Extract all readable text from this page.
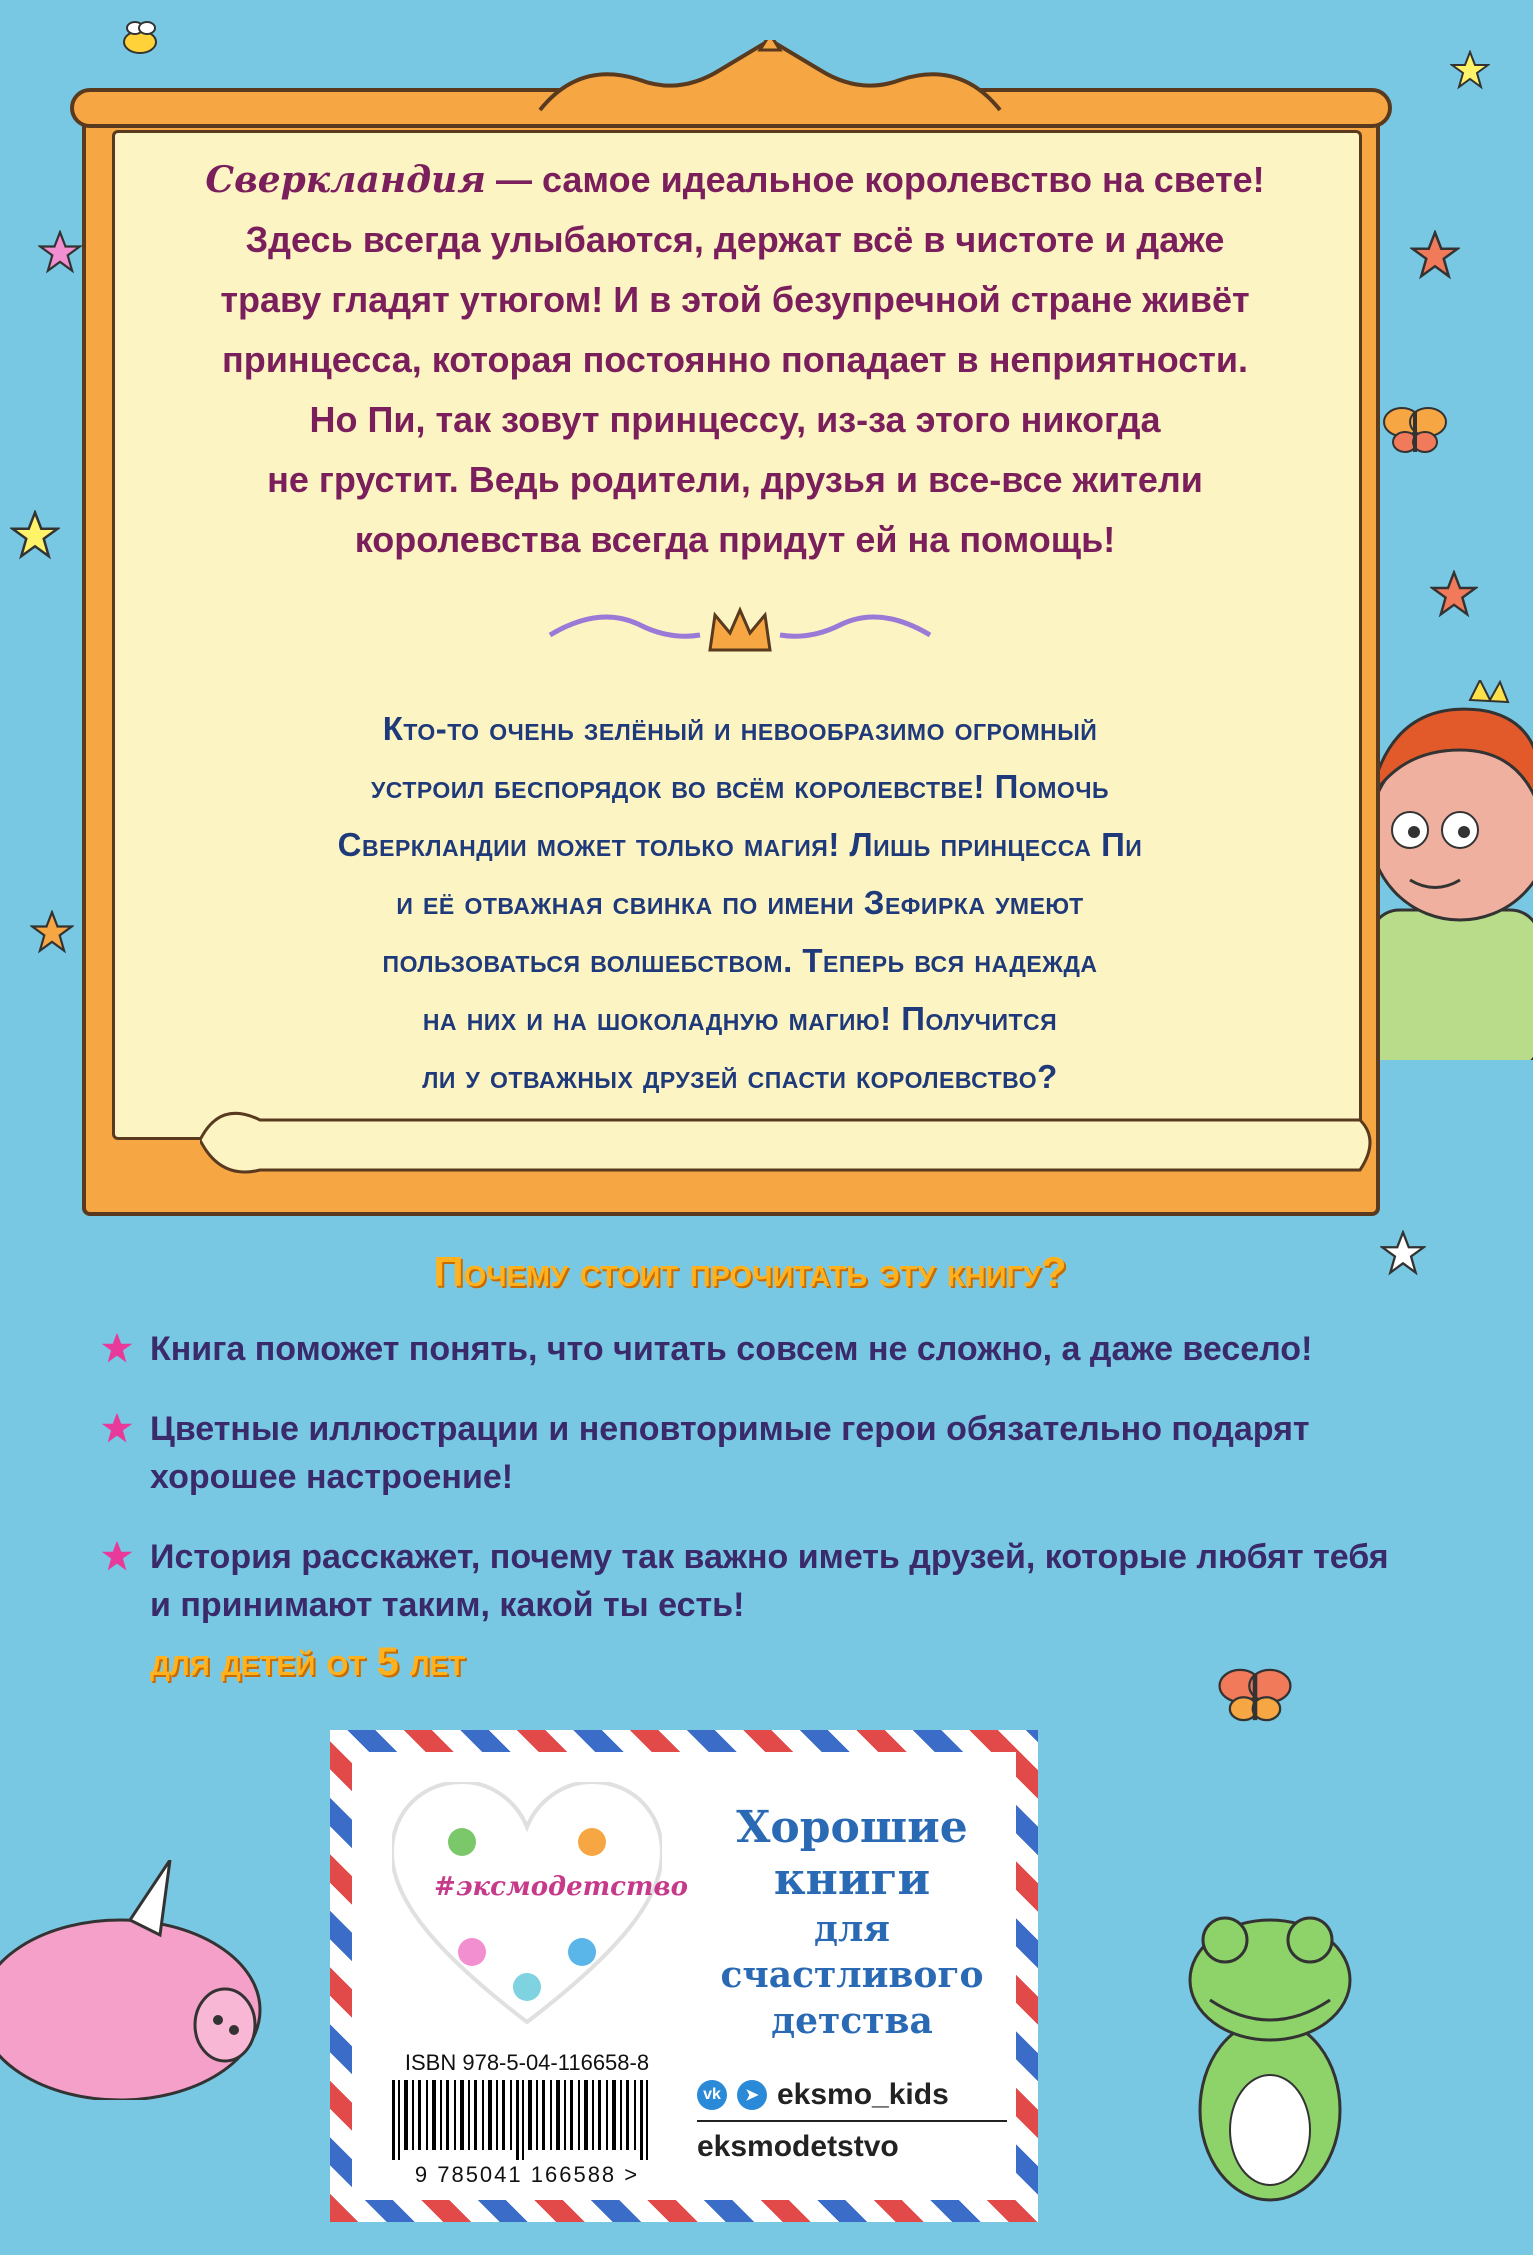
Сверкландия — самое идеальное королевство на свете!
Здесь всегда улыбаются, держат всё в чистоте и даже
траву гладят утюгом! И в этой безупречной стране живёт
принцесса, которая постоянно попадает в неприятности.
Но Пи, так зовут принцессу, из-за этого никогда
не грустит. Ведь родители, друзья и все-все жители
королевства всегда придут ей на помощь!
Кто-то очень зелёный и невообразимо огромный
устроил беспорядок во всём королевстве! Помочь
Сверкландии может только магия! Лишь принцесса Пи
и её отважная свинка по имени Зефирка умеют
пользоваться волшебством. Теперь вся надежда
на них и на шоколадную магию! Получится
ли у отважных друзей спасти королевство?
Почему стоит прочитать эту книгу?
Книга поможет понять, что читать совсем не сложно, а даже весело!
Цветные иллюстрации и неповторимые герои обязательно подарят хорошее настроение!
История расскажет, почему так важно иметь друзей, которые любят тебя и принимают таким, какой ты есть!
для детей от 5 лет
#эксмодетство
Хорошие
книги
для счастливого
детства
ISBN 978-5-04-116658-8
9 785041 166588 >
vk	➤ eksmo_kids
eksmodetstvo
